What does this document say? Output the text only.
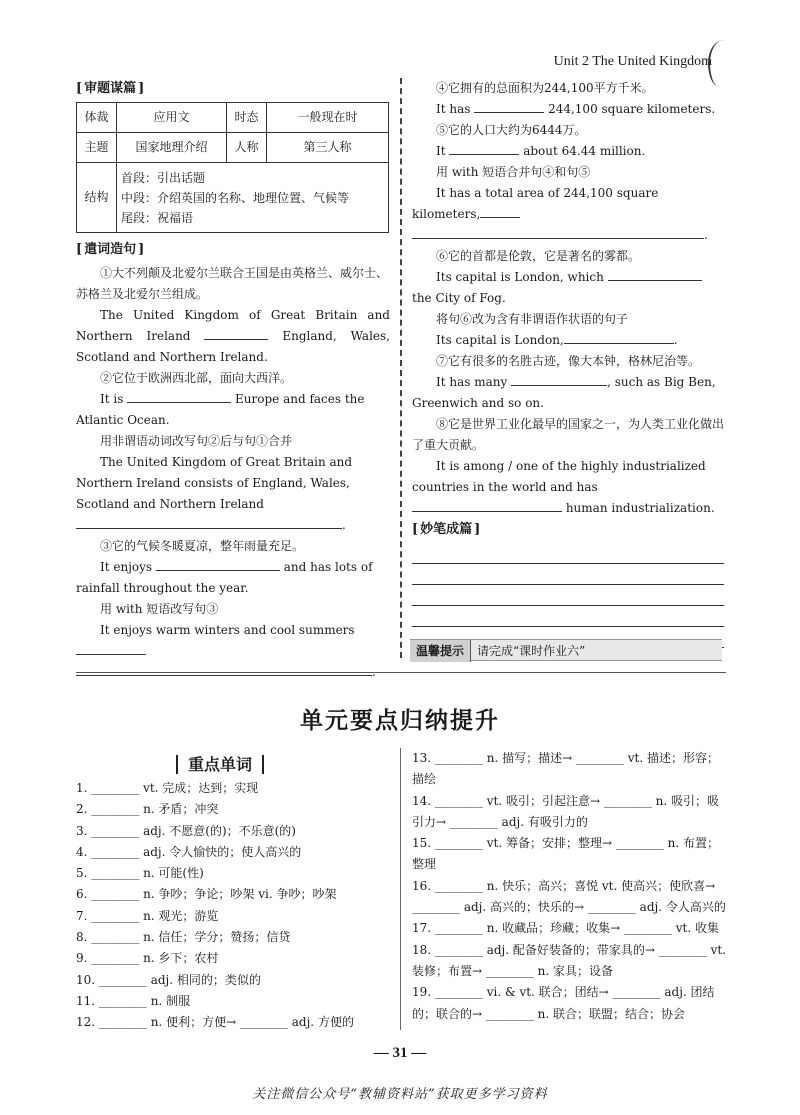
Unit 2 The United Kingdom
[ 审题谋篇 ]
体裁	应用文	时态	一般现在时
主题	国家地理介绍	人称	第三人称
结构	首段：引出话题
中段：介绍英国的名称、地理位置、气候等
尾段：祝福语		
[ 遣词造句 ]

①大不列颠及北爱尔兰联合王国是由英格兰、威尔士、苏格兰及北爱尔兰组成。

The United Kingdom of Great Britain and Northern Ireland	England, Wales, Scotland and Northern Ireland.

②它位于欧洲西北部，面向大西洋。

It is	Europe and faces the Atlantic Ocean.

用非谓语动词改写句②后与句①合并

The United Kingdom of Great Britain and Northern Ireland consists of England, Wales, Scotland and Northern Ireland .

③它的气候冬暖夏凉，整年雨量充足。

It enjoys	and has lots of rainfall throughout the year.

用 with 短语改写句③

It enjoys warm winters and cool summers

.

④它拥有的总面积为244,100平方千米。

It has	244,100 square kilometers.

⑤它的人口大约为6444万。

It	about 64.44 million.

用 with 短语合并句④和句⑤

It has a total area of 244,100 square kilometers,

.

⑥它的首都是伦敦，它是著名的雾都。

Its capital is London, which  the City of Fog.

将句⑥改为含有非谓语作状语的句子

Its capital is London,	.

⑦它有很多的名胜古迹，像大本钟，格林尼治等。

It has many	, such as Big Ben, Greenwich and so on.

⑧它是世界工业化最早的国家之一，为人类工业化做出了重大贡献。

It is among / one of the highly industrialized countries in the world and has  human industrialization.

[ 妙笔成篇 ]
温馨提示 请完成“课时作业六”
单元要点归纳提升
重点单词
1. ________ vt. 完成；达到；实现
2. ________ n. 矛盾；冲突
3. ________ adj. 不愿意(的)；不乐意(的)
4. ________ adj. 令人愉快的；使人高兴的
5. ________ n. 可能(性)
6. ________ n. 争吵；争论；吵架 vi. 争吵；吵架
7. ________ n. 观光；游览
8. ________ n. 信任；学分；赞扬；信贷
9. ________ n. 乡下；农村
10. ________ adj. 相同的；类似的
11. ________ n. 制服
12. ________ n. 便利；方便→ ________ adj. 方便的
13. ________ n. 描写；描述→ ________ vt. 描述；形容；描绘
14. ________ vt. 吸引；引起注意→ ________ n. 吸引；吸引力→ ________ adj. 有吸引力的
15. ________ vt. 筹备；安排；整理→ ________ n. 布置；整理
16. ________ n. 快乐；高兴；喜悦 vt. 使高兴；使欣喜→ ________ adj. 高兴的；快乐的→ ________ adj. 令人高兴的
17. ________ n. 收藏品；珍藏；收集→ ________ vt. 收集
18. ________ adj. 配备好装备的；带家具的→ ________ vt. 装修；布置→ ________ n. 家具；设备
19. ________ vi. & vt. 联合；团结→ ________ adj. 团结的；联合的→ ________ n. 联合；联盟；结合；协会
— 31 —
关注微信公众号“教辅资料站”获取更多学习资料
